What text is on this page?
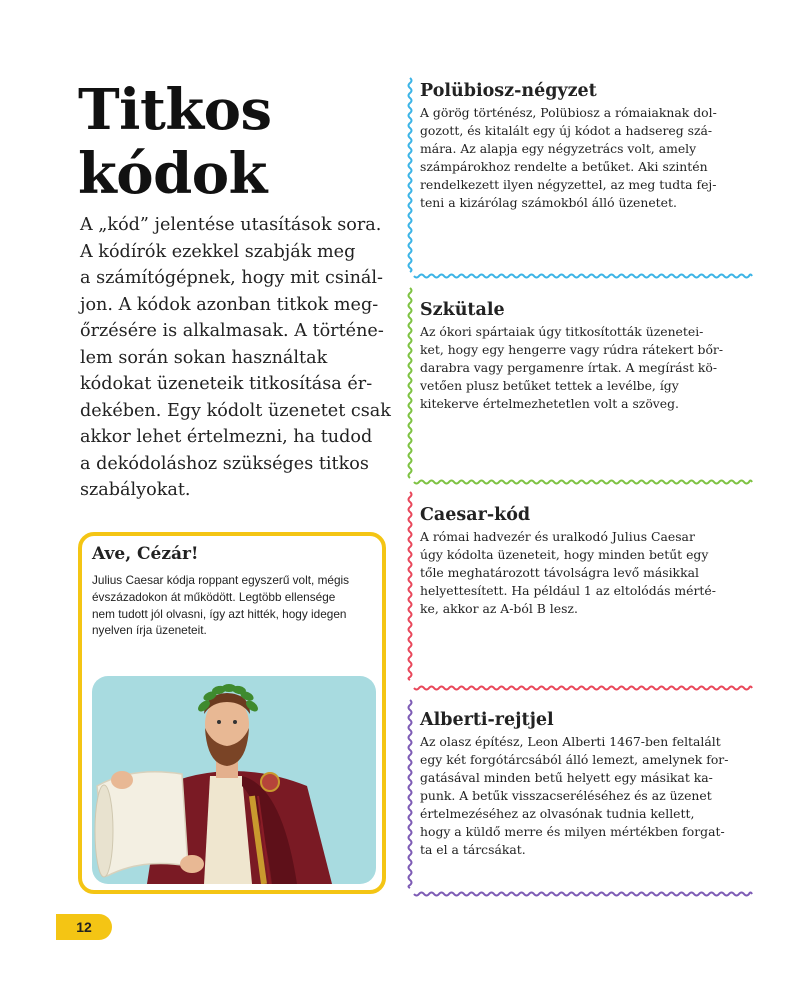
Titkos
kódok

A „kód” jelentése utasítások sora.
A kódírók ezekkel szabják meg
a számítógépnek, hogy mit csinál-
jon. A kódok azonban titkok meg-
őrzésére is alkalmasak. A történe-
lem során sokan használtak
kódokat üzeneteik titkosítása ér-
dekében. Egy kódolt üzenetet csak
akkor lehet értelmezni, ha tudod
a dekódoláshoz szükséges titkos
szabályokat.

Polübiosz-négyzet

A görög történész, Polübiosz a rómaiaknak dol-
gozott, és kitalált egy új kódot a hadsereg szá-
mára. Az alapja egy négyzetrács volt, amely
számpárokhoz rendelte a betűket. Aki szintén
rendelkezett ilyen négyzettel, az meg tudta fej-
teni a kizárólag számokból álló üzenetet.

Szkütale

Az ókori spártaiak úgy titkosították üzenetei-
ket, hogy egy hengerre vagy rúdra rátekert bőr-
darabra vagy pergamenre írtak. A megírást kö-
vetően plusz betűket tettek a levélbe, így
kitekerve értelmezhetetlen volt a szöveg.

Caesar-kód

A római hadvezér és uralkodó Julius Caesar
úgy kódolta üzeneteit, hogy minden betűt egy
tőle meghatározott távolságra levő másikkal
helyettesített. Ha például 1 az eltolódás mérté-
ke, akkor az A-ból B lesz.

Alberti-rejtjel

Az olasz építész, Leon Alberti 1467-ben feltalált
egy két forgótárcsából álló lemezt, amelynek for-
gatásával minden betű helyett egy másikat ka-
punk. A betűk visszacseréléséhez és az üzenet
értelmezéséhez az olvasónak tudnia kellett,
hogy a küldő merre és milyen mértékben forgat-
ta el a tárcsákat.

Ave, Cézár!

Julius Caesar kódja roppant egyszerű volt, mégis
évszázadokon át működött. Legtöbb ellensége
nem tudott jól olvasni, így azt hitték, hogy idegen
nyelven írja üzeneteit.

12
